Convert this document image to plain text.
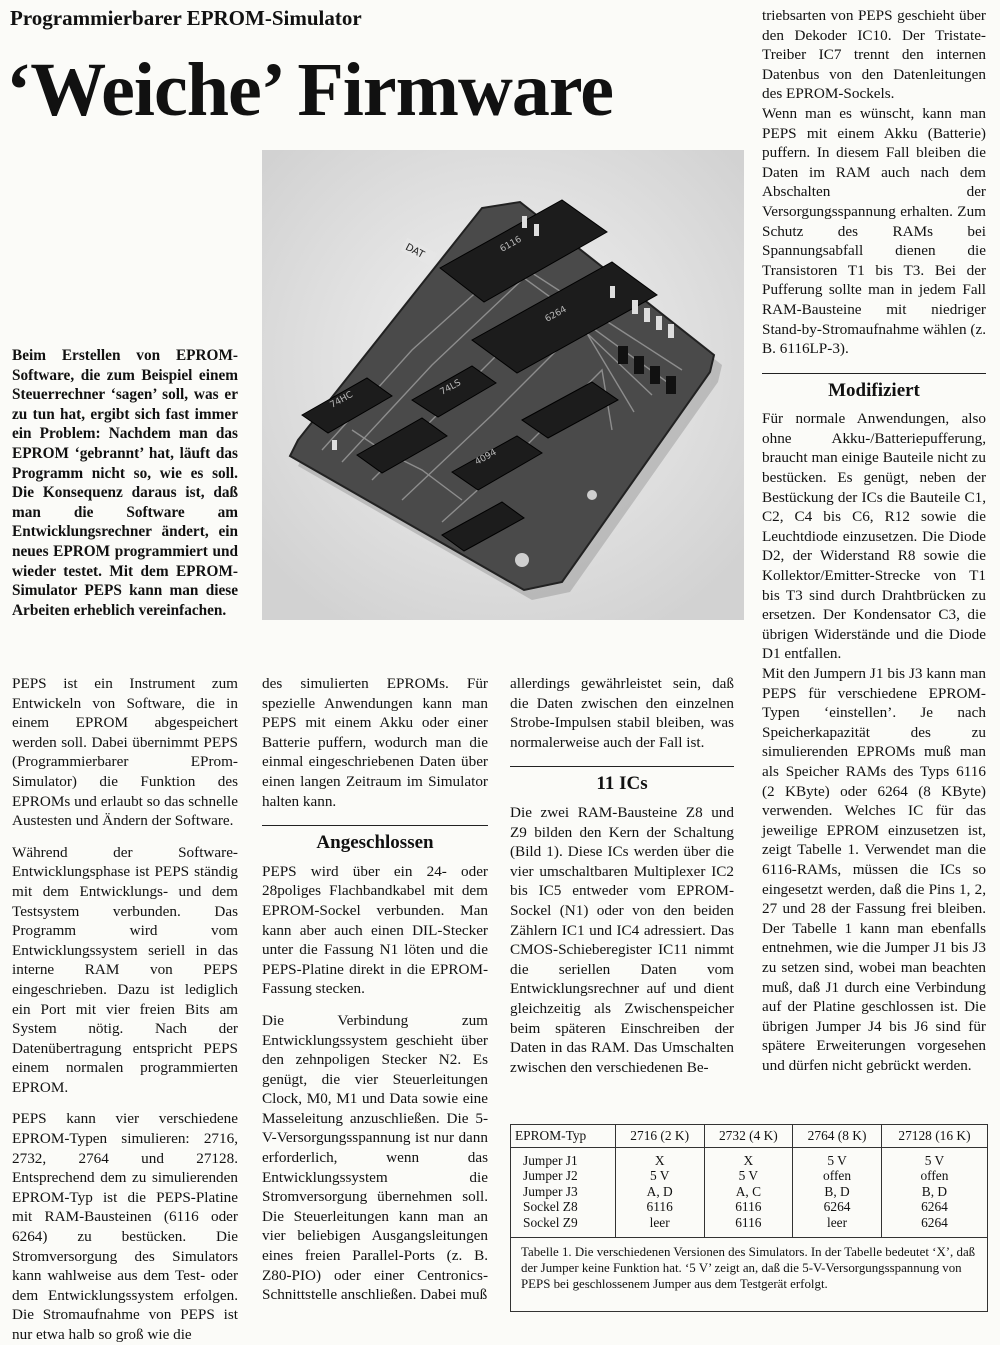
Programmierbarer EPROM-Simulator
‘Weiche’ Firmware
DAT	6116
6264
74HC
74LS
4094
Beim Erstellen von EPROM-Software, die zum Beispiel einem Steuerrechner ‘sagen’ soll, was er zu tun hat, ergibt sich fast immer ein Problem: Nachdem man das EPROM ‘gebrannt’ hat, läuft das Programm nicht so, wie es soll. Die Konsequenz daraus ist, daß man die Software am Entwicklungsrechner ändert, ein neues EPROM programmiert und wieder testet. Mit dem EPROM-Simulator PEPS kann man diese Arbeiten erheblich vereinfachen.

PEPS ist ein Instrument zum Entwickeln von Software, die in einem EPROM abgespeichert werden soll. Dabei übernimmt PEPS (Programmierbarer EProm-Simulator) die Funktion des EPROMs und erlaubt so das schnelle Austesten und Ändern der Software.

Während der Software-Entwicklungsphase ist PEPS ständig mit dem Entwicklungs- und dem Testsystem verbunden. Das Programm wird vom Entwicklungssystem seriell in das interne RAM von PEPS eingeschrieben. Dazu ist lediglich ein Port mit vier freien Bits am System nötig. Nach der Datenübertragung entspricht PEPS einem normalen programmierten EPROM.

PEPS kann vier verschiedene EPROM-Typen simulieren: 2716, 2732, 2764 und 27128. Entsprechend dem zu simulierenden EPROM-Typ ist die PEPS-Platine mit RAM-Bausteinen (6116 oder 6264) zu bestücken. Die Stromversorgung des Simulators kann wahlweise aus dem Test- oder dem Entwicklungssystem erfolgen. Die Stromaufnahme von PEPS ist nur etwa halb so groß wie die

des simulierten EPROMs. Für spezielle Anwendungen kann man PEPS mit einem Akku oder einer Batterie puffern, wodurch man die einmal eingeschriebenen Daten über einen langen Zeitraum im Simulator halten kann.

Angeschlossen

PEPS wird über ein 24- oder 28poliges Flachbandkabel mit dem EPROM-Sockel verbunden. Man kann aber auch einen DIL-Stecker unter die Fassung N1 löten und die PEPS-Platine direkt in die EPROM-Fassung stecken.

Die Verbindung zum Entwicklungssystem geschieht über den zehnpoligen Stecker N2. Es genügt, die vier Steuerleitungen Clock, M0, M1 und Data sowie eine Masseleitung anzuschließen. Die 5-V-Versorgungsspannung ist nur dann erforderlich, wenn das Entwicklungssystem die Stromversorgung übernehmen soll. Die Steuerleitungen kann man an vier beliebigen Ausgangsleitungen eines freien Parallel-Ports (z. B. Z80-PIO) oder einer Centronics-Schnittstelle anschließen. Dabei muß

allerdings gewährleistet sein, daß die Daten zwischen den einzelnen Strobe-Impulsen stabil bleiben, was normalerweise auch der Fall ist.

11 ICs

Die zwei RAM-Bausteine Z8 und Z9 bilden den Kern der Schaltung (Bild 1). Diese ICs werden über die vier umschaltbaren Multiplexer IC2 bis IC5 entweder vom EPROM-Sockel (N1) oder von den beiden Zählern IC1 und IC4 adressiert. Das CMOS-Schieberegister IC11 nimmt die seriellen Daten vom Entwicklungsrechner auf und dient gleichzeitig als Zwischenspeicher beim späteren Einschreiben der Daten in das RAM. Das Umschalten zwischen den verschiedenen Be-

triebsarten von PEPS geschieht über den Dekoder IC10. Der Tristate-Treiber IC7 trennt den internen Datenbus von den Datenleitungen des EPROM-Sockels.

Wenn man es wünscht, kann man PEPS mit einem Akku (Batterie) puffern. In diesem Fall bleiben die Daten im RAM auch nach dem Abschalten der Versorgungsspannung erhalten. Zum Schutz des RAMs bei Spannungsabfall dienen die Transistoren T1 bis T3. Bei der Pufferung sollte man in jedem Fall RAM-Bausteine mit niedriger Stand-by-Stromaufnahme wählen (z. B. 6116LP-3).

Modifiziert

Für normale Anwendungen, also ohne Akku-/Batteriepufferung, braucht man einige Bauteile nicht zu bestücken. Es genügt, neben der Bestückung der ICs die Bauteile C1, C2, C4 bis C6, R12 sowie die Leuchtdiode einzusetzen. Die Diode D2, der Widerstand R8 sowie die Kollektor/Emitter-Strecke von T1 bis T3 sind durch Drahtbrücken zu ersetzen. Der Kondensator C3, die übrigen Widerstände und die Diode D1 entfallen.

Mit den Jumpern J1 bis J3 kann man PEPS für verschiedene EPROM-Typen ‘einstellen’. Je nach Speicherkapazität des zu simulierenden EPROMs muß man als Speicher RAMs des Typs 6116 (2 KByte) oder 6264 (8 KByte) verwenden. Welches IC für das jeweilige EPROM einzusetzen ist, zeigt Tabelle 1. Verwendet man die 6116-RAMs, müssen die ICs so eingesetzt werden, daß die Pins 1, 2, 27 und 28 der Fassung frei bleiben. Der Tabelle 1 kann man ebenfalls entnehmen, wie die Jumper J1 bis J3 zu setzen sind, wobei man beachten muß, daß J1 durch eine Verbindung auf der Platine geschlossen ist. Die übrigen Jumper J4 bis J6 sind für spätere Erweiterungen vorgesehen und dürfen nicht gebrückt werden.

EPROM-Typ	2716 (2 K)	2732 (4 K)	2764 (8 K)	27128 (16 K)
Jumper J1	X	X	5 V	5 V
Jumper J2	5 V	5 V	offen	offen
Jumper J3	A, D	A, C	B, D	B, D
Sockel Z8	6116	6116	6264	6264
Sockel Z9	leer	6116	leer	6264
Tabelle 1. Die verschiedenen Versionen des Simulators. In der Tabelle bedeutet ‘X’, daß der Jumper keine Funktion hat. ‘5 V’ zeigt an, daß die 5-V-Versorgungsspannung von PEPS bei geschlossenem Jumper aus dem Testgerät erfolgt.
